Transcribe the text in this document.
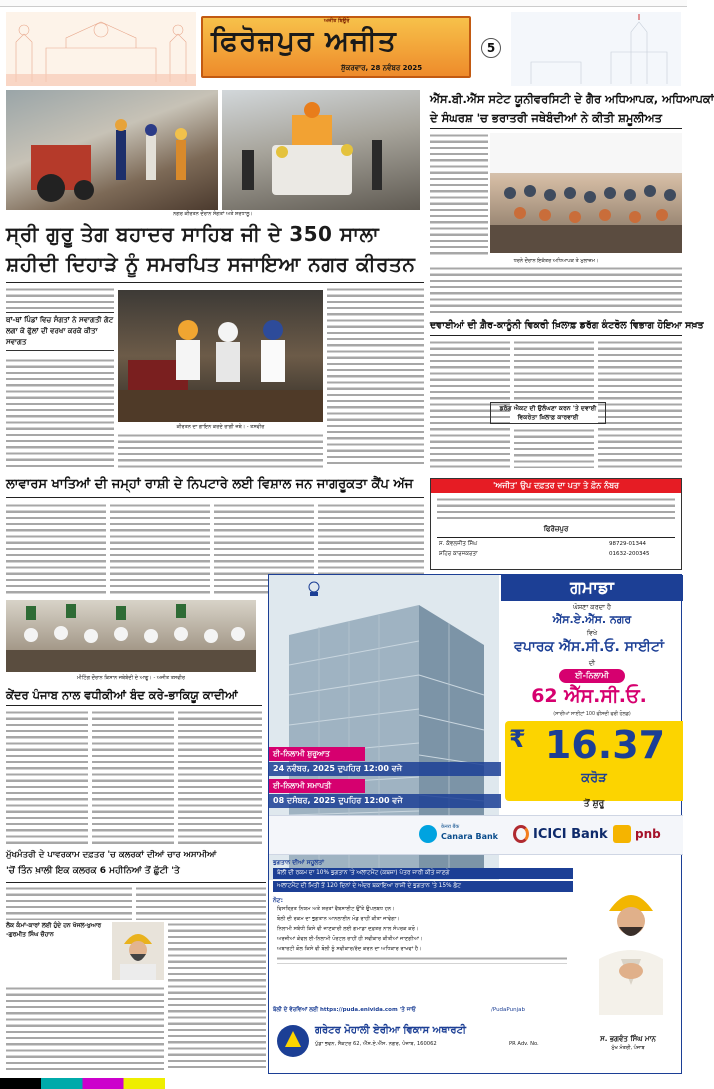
ਫਿਰੋਜ਼ਪੁਰ ਅਜੀਤ
ਅਜੀਤ ਬਿਊਰੋ
ਸ਼ੁੱਕਰਵਾਰ, 28 ਨਵੰਬਰ 2025
5
ਨਗਰ ਕੀਰਤਨ ਦੌਰਾਨ ਸੰਗਤਾਂ ਅਤੇ ਸ਼ਰਧਾਲੂ।
ਐੱਸ.ਬੀ.ਐੱਸ ਸਟੇਟ ਯੂਨੀਵਰਸਿਟੀ ਦੇ ਗੈਰ ਅਧਿਆਪਕ, ਅਧਿਆਪਕਾਂ
ਦੇ ਸੰਘਰਸ਼ 'ਚ ਭਰਾਤਰੀ ਜਥੇਬੰਦੀਆਂ ਨੇ ਕੀਤੀ ਸ਼ਮੂਲੀਅਤ
ਧਰਨੇ ਦੌਰਾਨ ਇਕੱਤਰ ਅਧਿਆਪਕ ਤੇ ਮੁਲਾਜ਼ਮ।
ਸ੍ਰੀ ਗੁਰੂ ਤੇਗ ਬਹਾਦਰ ਸਾਹਿਬ ਜੀ ਦੇ 350 ਸਾਲਾ
ਸ਼ਹੀਦੀ ਦਿਹਾੜੇ ਨੂੰ ਸਮਰਪਿਤ ਸਜਾਇਆ ਨਗਰ ਕੀਰਤਨ
ਥਾਂ-ਥਾਂ ਪਿੰਡਾਂ ਵਿਚ ਸੰਗਤਾਂ ਨੇ ਸਵਾਗਤੀ ਗੇਟ ਲਗਾ ਕੇ ਫੁੱਲਾਂ ਦੀ ਵਰਖਾ ਕਰਕੇ ਕੀਤਾ ਸਵਾਗਤ
ਕੀਰਤਨ ਦਾ ਗਾਇਨ ਕਰਦੇ ਰਾਗੀ ਜਥੇ। - ਤਸਵੀਰ
ਦਵਾਈਆਂ ਦੀ ਗ਼ੈਰ-ਕਾਨੂੰਨੀ ਵਿਕਰੀ ਖ਼ਿਲਾਫ਼ ਡਰੱਗ ਕੰਟਰੋਲ ਵਿਭਾਗ ਹੋਇਆ ਸਖ਼ਤ
ਡਰੱਗ ਐਕਟ ਦੀ ਉਲੰਘਣਾ ਕਰਨ 'ਤੇ ਦਵਾਈ ਵਿਕਰੇਤਾ ਖ਼ਿਲਾਫ਼ ਕਾਰਵਾਈ
ਲਾਵਾਰਸ ਖਾਤਿਆਂ ਦੀ ਜਮ੍ਹਾਂ ਰਾਸ਼ੀ ਦੇ ਨਿਪਟਾਰੇ ਲਈ ਵਿਸ਼ਾਲ ਜਨ ਜਾਗਰੂਕਤਾ ਕੈਂਪ ਅੱਜ	'ਅਜੀਤ' ਉਪ ਦਫ਼ਤਰ ਦਾ ਪਤਾ ਤੇ ਫ਼ੋਨ ਨੰਬਰ
ਫਿਰੋਜ਼ਪੁਰ
ਸ. ਕੰਵਲਜੀਤ ਸਿੰਘ	98729-01344
ਸ਼ਹਿਰ ਕਾਰਜਕਰਤਾ	01632-200345
ਮੀਟਿੰਗ ਦੌਰਾਨ ਕਿਸਾਨ ਜਥੇਬੰਦੀ ਦੇ ਆਗੂ। - ਅਜੀਤ ਤਸਵੀਰ
ਕੇਂਦਰ ਪੰਜਾਬ ਨਾਲ ਵਧੀਕੀਆਂ ਬੰਦ ਕਰੇ-ਭਾਕਿਯੂ ਕਾਦੀਆਂ
ਮੁੱਖਮੰਤਰੀ ਦੇ ਪਾਵਰਕਾਮ ਦਫ਼ਤਰ 'ਚ ਕਲਰਕਾਂ ਦੀਆਂ ਚਾਰ ਅਸਾਮੀਆਂ
'ਚੋਂ ਤਿੰਨ ਖ਼ਾਲੀ ਇਕ ਕਲਰਕ 6 ਮਹੀਨਿਆਂ ਤੋਂ ਛੁੱਟੀ 'ਤੇ
ਲੋਕ ਕੰਮਾਂ-ਕਾਰਾਂ ਲਈ ਹੁੰਦੇ ਹਨ ਖੱਜਲ-ਖੁਆਰ -ਗੁਰਮੀਤ ਸਿੰਘ ਚੌਹਾਨ
ਗਮਾਡਾ
ਘੋਸ਼ਣਾ ਕਰਦਾ ਹੈ
ਐੱਸ.ਏ.ਐੱਸ. ਨਗਰ
ਵਿਖੇ
ਵਪਾਰਕ ਐੱਸ.ਸੀ.ਓ. ਸਾਈਟਾਂ
ਦੀ
ਈ-ਨਿਲਾਮੀ
62 ਐੱਸ.ਸੀ.ਓ.
(ਸਾਰੀਆਂ ਸਾਈਟਾਂ 100 ਫੀਸਦੀ ਫਰੀ ਹੋਲਡ)
₹ 16.37
ਕਰੋੜ
ਤੋਂ ਸ਼ੁਰੂ
ਈ-ਨਿਲਾਮੀ ਸ਼ੁਰੂਆਤ
24 ਨਵੰਬਰ, 2025 ਦੁਪਹਿਰ 12:00 ਵਜੇ
ਈ-ਨਿਲਾਮੀ ਸਮਾਪਤੀ
08 ਦਸੰਬਰ, 2025 ਦੁਪਹਿਰ 12:00 ਵਜੇ
केनरा बैंक
Canara Bank	ICICI Bank pnb
ਭੁਗਤਾਨ ਦੀਆਂ ਸਹੂਲਤਾਂ
ਬੋਲੀ ਦੀ ਰਕਮ ਦਾ 10% ਭੁਗਤਾਨ 'ਤੇ ਅਲਾਟਮੈਂਟ (ਕਬਜ਼ਾ) ਪੱਤਰ ਜਾਰੀ ਕੀਤੇ ਜਾਣਗੇ
ਅਲਾਟਮੈਂਟ ਦੀ ਮਿਤੀ ਤੋਂ 120 ਦਿਨਾਂ ਦੇ ਅੰਦਰ ਬਕਾਇਆ ਰਾਸ਼ੀ ਦੇ ਭੁਗਤਾਨ 'ਤੇ 15% ਛੋਟ
ਨੋਟ:
ਵਿਸਤ੍ਰਿਤ ਨਿਯਮ ਅਤੇ ਸ਼ਰਤਾਂ ਵੈਬਸਾਈਟ ਉੱਤੇ ਉਪਲਬਧ ਹਨ।
ਬੋਲੀ ਦੀ ਰਕਮ ਦਾ ਭੁਗਤਾਨ ਆਨਲਾਈਨ ਮੋਡ ਰਾਹੀਂ ਕੀਤਾ ਜਾਵੇਗਾ।
ਨਿਲਾਮੀ ਸਬੰਧੀ ਕਿਸੇ ਵੀ ਜਾਣਕਾਰੀ ਲਈ ਗਮਾਡਾ ਦਫ਼ਤਰ ਨਾਲ ਸੰਪਰਕ ਕਰੋ।
ਅਰਜ਼ੀਆਂ ਕੇਵਲ ਈ-ਨਿਲਾਮੀ ਪੋਰਟਲ ਰਾਹੀਂ ਹੀ ਸਵੀਕਾਰ ਕੀਤੀਆਂ ਜਾਣਗੀਆਂ।
ਅਥਾਰਟੀ ਕੋਲ ਕਿਸੇ ਵੀ ਬੋਲੀ ਨੂੰ ਸਵੀਕਾਰ/ਰੱਦ ਕਰਨ ਦਾ ਅਧਿਕਾਰ ਰਾਖਵਾਂ ਹੈ।
ਸ. ਭਗਵੰਤ ਸਿੰਘ ਮਾਨ
ਮੁੱਖ ਮੰਤਰੀ, ਪੰਜਾਬ
ਬੋਲੀ ਦੇ ਵੇਰਵਿਆਂ ਲਈ https://puda.enivida.com 'ਤੇ ਜਾਓ	/PudaPunjab
ਗਰੇਟਰ ਮੋਹਾਲੀ ਏਰੀਆ ਵਿਕਾਸ ਅਥਾਰਟੀ
ਪੁੱਡਾ ਭਵਨ, ਸੈਕਟਰ 62, ਐੱਸ.ਏ.ਐੱਸ. ਨਗਰ, ਪੰਜਾਬ, 160062	PR Adv. No.
